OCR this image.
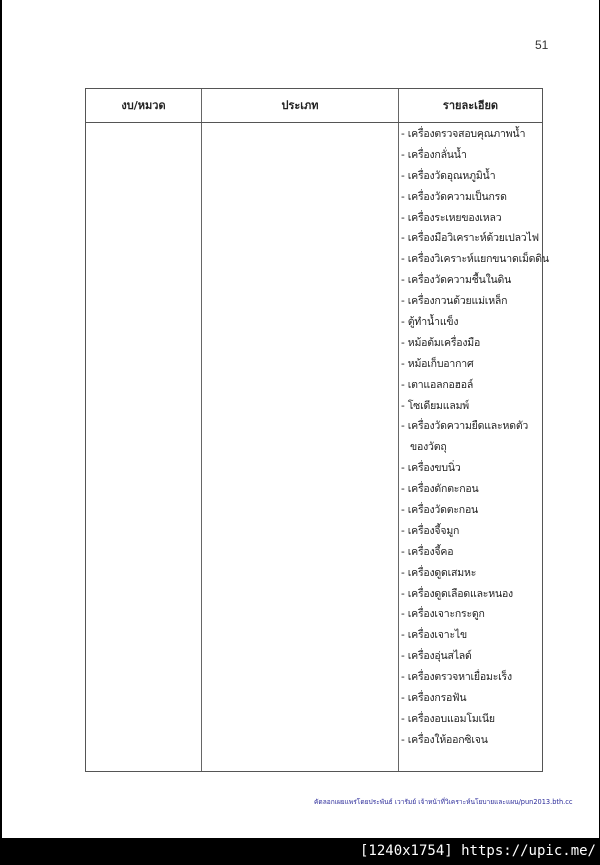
51
งบ/หมวด	ประเภท	รายละเอียด
- เครื่องตรวจสอบคุณภาพน้ำ
- เครื่องกลั่นน้ำ
- เครื่องวัดอุณหภูมิน้ำ
- เครื่องวัดความเป็นกรด
- เครื่องระเหยของเหลว
- เครื่องมือวิเคราะห์ด้วยเปลวไฟ
- เครื่องวิเคราะห์แยกขนาดเม็ดดิน
- เครื่องวัดความชื้นในดิน
- เครื่องกวนด้วยแม่เหล็ก
- ตู้ทำน้ำแข็ง
- หม้อต้มเครื่องมือ
- หม้อเก็บอากาศ
- เตาแอลกอฮอล์
- โซเดียมแลมพ์
- เครื่องวัดความยืดและหดตัว
ของวัตถุ
- เครื่องขบนิ่ว
- เครื่องดักตะกอน
- เครื่องวัดตะกอน
- เครื่องจี้จมูก
- เครื่องจี้คอ
- เครื่องดูดเสมหะ
- เครื่องดูดเลือดและหนอง
- เครื่องเจาะกระดูก
- เครื่องเจาะไข
- เครื่องอุ่นสไลด์
- เครื่องตรวจหาเยื่อมะเร็ง
- เครื่องกรอฟัน
- เครื่องอบแอมโมเนีย
- เครื่องให้ออกซิเจน
คัดลอกเผยแพร่โดยประพันธ์ เวารัมย์ เจ้าหน้าที่วิเคราะห์นโยบายและแผน/pun2013.bth.cc
[1240x1754] https://upic.me/
